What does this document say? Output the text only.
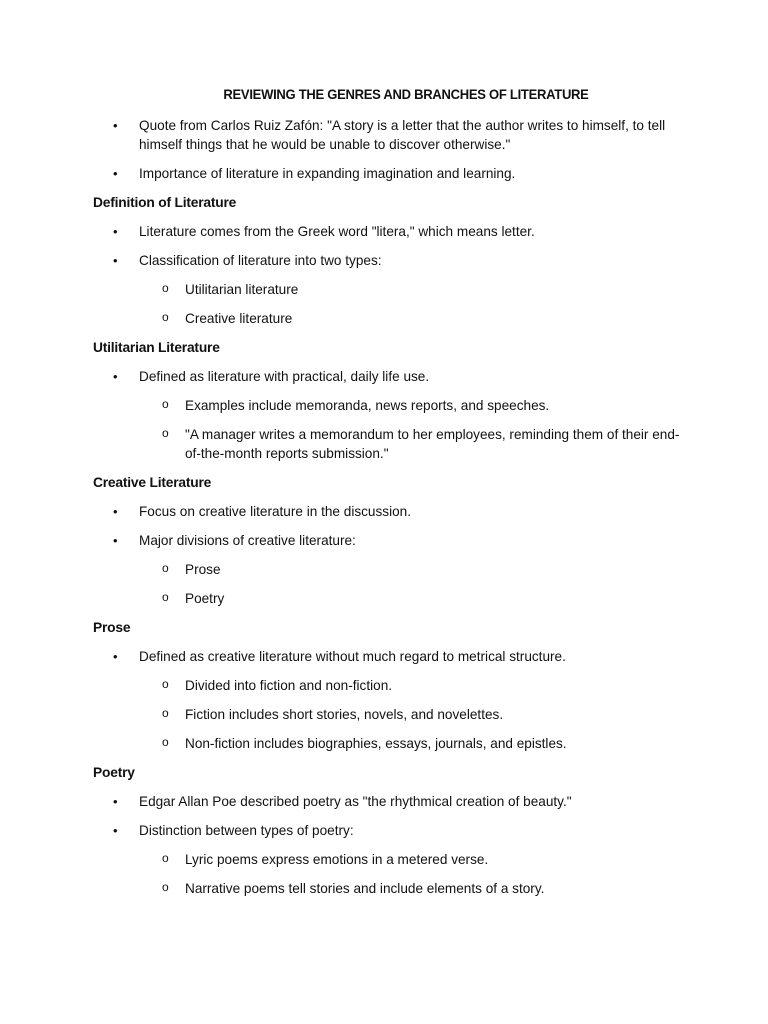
REVIEWING THE GENRES AND BRANCHES OF LITERATURE
• Quote from Carlos Ruiz Zafón: "A story is a letter that the author writes to himself, to tell himself things that he would be unable to discover otherwise."
• Importance of literature in expanding imagination and learning.
Definition of Literature
• Literature comes from the Greek word "litera," which means letter.
• Classification of literature into two types:
o Utilitarian literature
o Creative literature
Utilitarian Literature
• Defined as literature with practical, daily life use.
o Examples include memoranda, news reports, and speeches.
o "A manager writes a memorandum to her employees, reminding them of their end-of-the-month reports submission."
Creative Literature
• Focus on creative literature in the discussion.
• Major divisions of creative literature:
o Prose
o Poetry
Prose
• Defined as creative literature without much regard to metrical structure.
o Divided into fiction and non-fiction.
o Fiction includes short stories, novels, and novelettes.
o Non-fiction includes biographies, essays, journals, and epistles.
Poetry
• Edgar Allan Poe described poetry as "the rhythmical creation of beauty."
• Distinction between types of poetry:
o Lyric poems express emotions in a metered verse.
o Narrative poems tell stories and include elements of a story.
